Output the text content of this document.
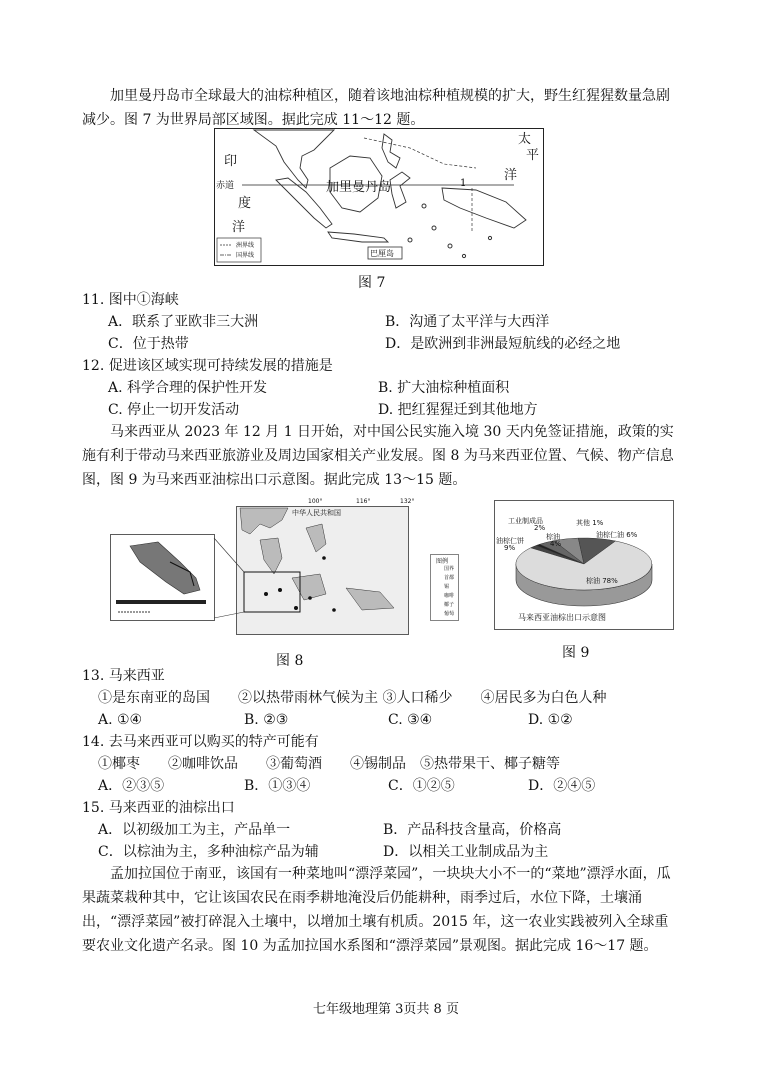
加里曼丹岛市全球最大的油棕种植区，随着该地油棕种植规模的扩大，野生红猩猩数量急剧减少。图 7 为世界局部区域图。据此完成 11～12 题。
洲界线
国界线
印
度
洋
太
平
洋
赤道	加里曼丹岛	1
巴厘岛
图 7
11. 图中①海峡
A．联系了亚欧非三大洲	B．沟通了太平洋与大西洋
C．位于热带	D．是欧洲到非洲最短航线的必经之地
12. 促进该区域实现可持续发展的措施是
A. 科学合理的保护性开发	B. 扩大油棕种植面积
C. 停止一切开发活动	D. 把红猩猩迁到其他地方
马来西亚从 2023 年 12 月 1 日开始，对中国公民实施入境 30 天内免签证措施，政策的实施有利于带动马来西亚旅游业及周边国家相关产业发展。图 8 为马来西亚位置、气候、物产信息图，图 9 为马来西亚油棕出口示意图。据此完成 13～15 题。
中华人民共和国
100°	116°	132°
图例
国界
首都
锡
咖啡
椰子
葡萄
图 8
工业制成品
2%
其他 1%
棕油
4%
油棕仁油 6%
油棕仁饼
9%
棕油 78%
马来西亚油棕出口示意图
图 9
13. 马来西亚
①是东南亚的岛国　　②以热带雨林气候为主 ③人口稀少　　④居民多为白色人种
A. ①④	B. ②③	C. ③④	D. ①②
14. 去马来西亚可以购买的特产可能有
①椰枣　　②咖啡饮品　　③葡萄酒　　④锡制品　⑤热带果干、椰子糖等
A．②③⑤	B．①③④	C．①②⑤	D．②④⑤
15. 马来西亚的油棕出口
A．以初级加工为主，产品单一	B．产品科技含量高，价格高
C．以棕油为主，多种油棕产品为辅	D．以相关工业制成品为主
孟加拉国位于南亚，该国有一种菜地叫“漂浮菜园”，一块块大小不一的“菜地”漂浮水面，瓜果蔬菜栽种其中，它让该国农民在雨季耕地淹没后仍能耕种，雨季过后，水位下降，土壤涌出，“漂浮菜园”被打碎混入土壤中，以增加土壤有机质。2015 年，这一农业实践被列入全球重要农业文化遗产名录。图 10 为孟加拉国水系图和“漂浮菜园”景观图。据此完成 16～17 题。
七年级地理第 3页共 8 页
